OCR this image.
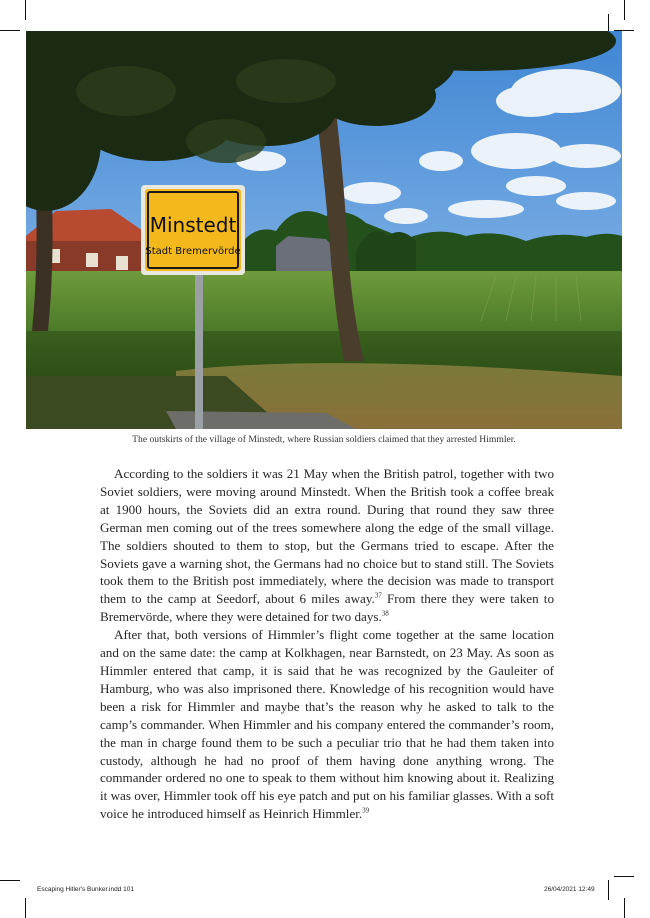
Minstedt
Stadt Bremervörde
The outskirts of the village of Minstedt, where Russian soldiers claimed that they arrested Himmler.

According to the soldiers it was 21 May when the British patrol, together with two Soviet soldiers, were moving around Minstedt. When the British took a coffee break at 1900 hours, the Soviets did an extra round. During that round they saw three German men coming out of the trees somewhere along the edge of the small village. The soldiers shouted to them to stop, but the Germans tried to escape. After the Soviets gave a warning shot, the Germans had no choice but to stand still. The Soviets took them to the British post immediately, where the decision was made to transport them to the camp at Seedorf, about 6 miles away.$^{37}$ From there they were taken to Bremervörde, where they were detained for two days.$^{38}$

After that, both versions of Himmler’s flight come together at the same location and on the same date: the camp at Kolkhagen, near Barnstedt, on 23 May. As soon as Himmler entered that camp, it is said that he was recognized by the Gauleiter of Hamburg, who was also imprisoned there. Knowledge of his recognition would have been a risk for Himmler and maybe that’s the reason why he asked to talk to the camp’s commander. When Himmler and his company entered the commander’s room, the man in charge found them to be such a peculiar trio that he had them taken into custody, although he had no proof of them having done anything wrong. The commander ordered no one to speak to them without him knowing about it. Realizing it was over, Himmler took off his eye patch and put on his familiar glasses. With a soft voice he introduced himself as Heinrich Himmler.$^{39}$

Escaping Hitler's Bunker.indd 101	26/04/2021 12:49
